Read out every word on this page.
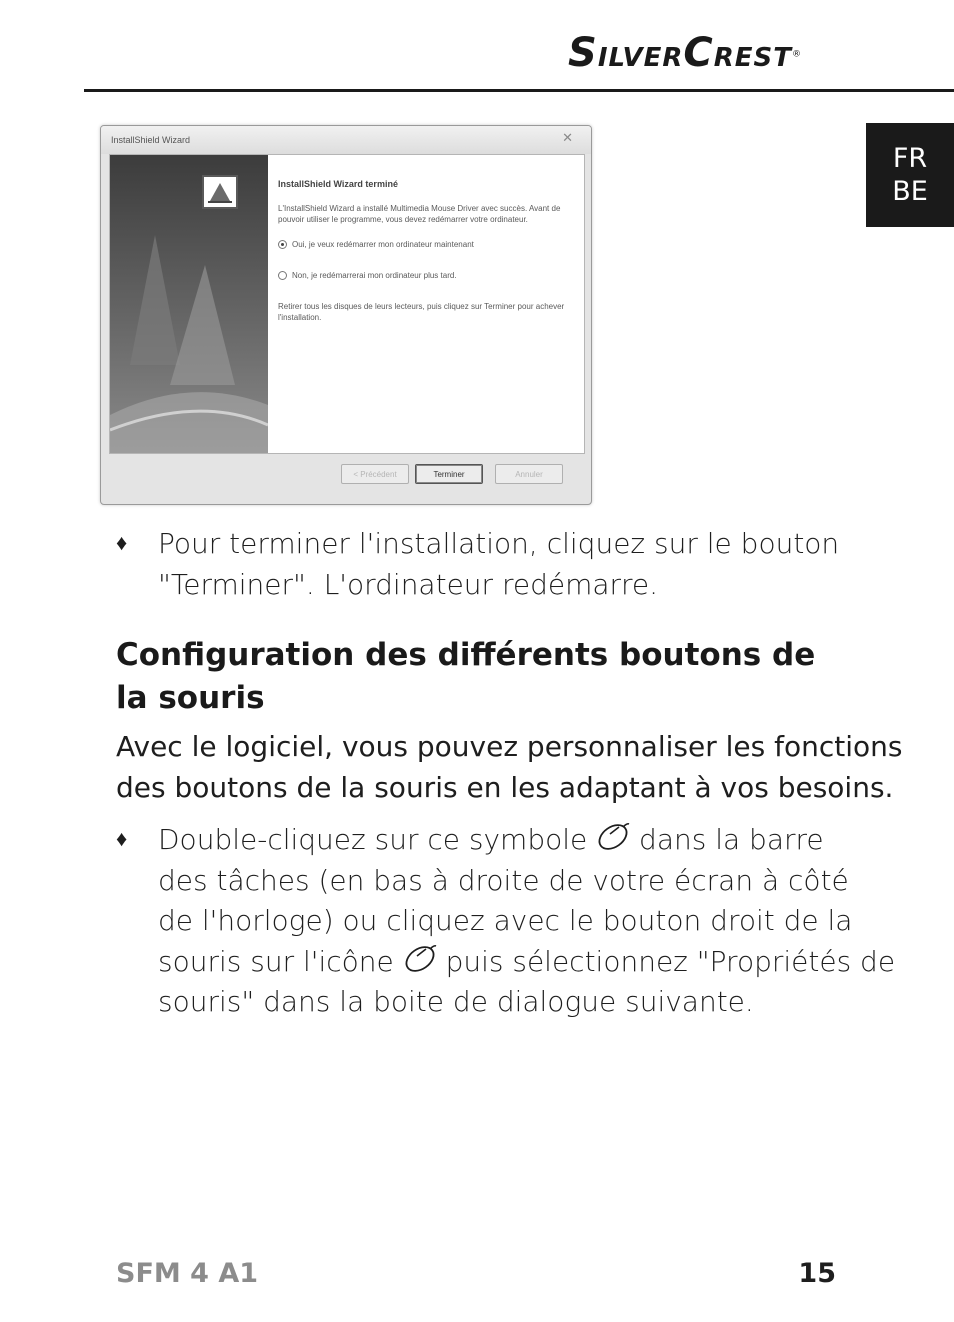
SILVERCREST®
FR
BE
InstallShield Wizard	✕
InstallShield Wizard terminé

L'InstallShield Wizard a installé Multimedia Mouse Driver avec succès. Avant de pouvoir utiliser le programme, vous devez redémarrer votre ordinateur.

Oui, je veux redémarrer mon ordinateur maintenant
Non, je redémarrerai mon ordinateur plus tard.

Retirer tous les disques de leurs lecteurs, puis cliquez sur Terminer pour achever l'installation.

< Précédent	Terminer	Annuler
♦ Pour terminer l'installation, cliquez sur le bouton
"Terminer". L'ordinateur redémarre.
Configuration des différents boutons de
la souris
Avec le logiciel, vous pouvez personnaliser les fonctions
des boutons de la souris en les adaptant à vos besoins.
♦ Double-cliquez sur ce symbole dans la barre
des tâches (en bas à droite de votre écran à côté
de l'horloge) ou cliquez avec le bouton droit de la
souris sur l'icône puis sélectionnez "Propriétés de
souris" dans la boite de dialogue suivante.
SFM 4 A1	15
